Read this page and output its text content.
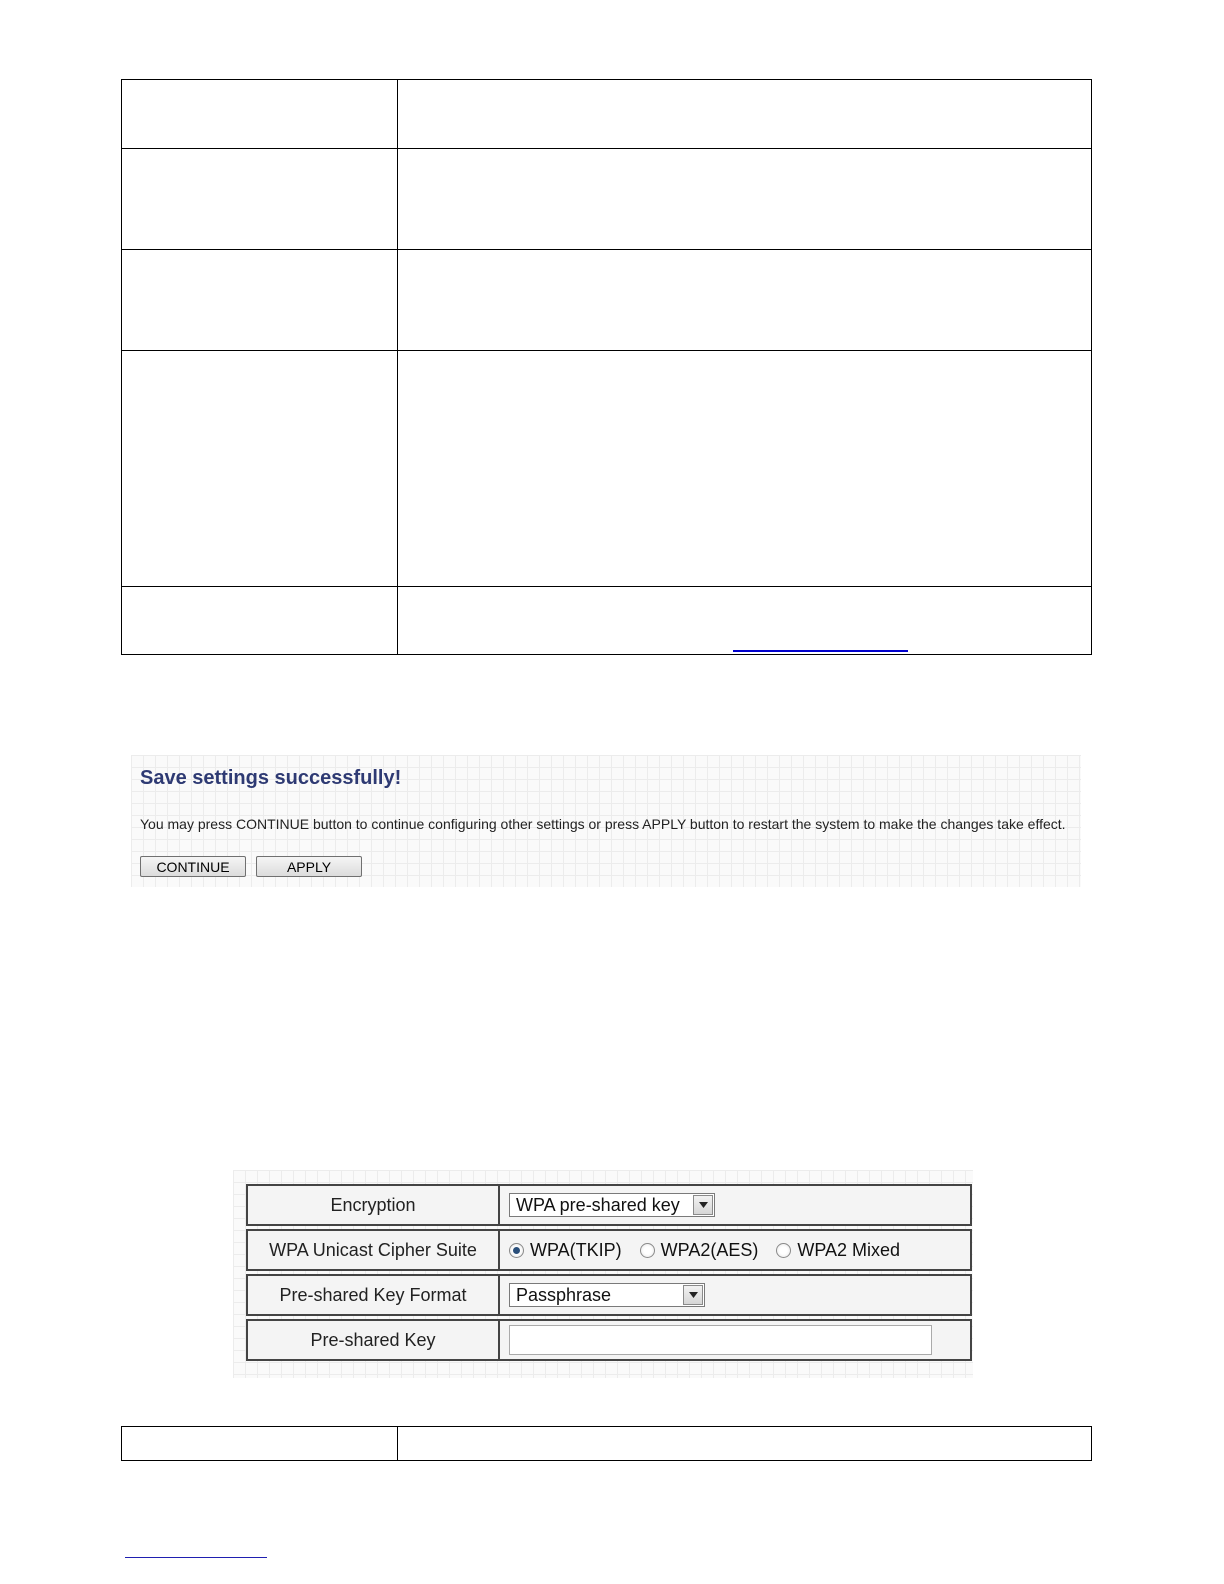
Save settings successfully!
You may press CONTINUE button to continue configuring other settings or press APPLY button to restart the system to make the changes take effect.
CONTINUE	APPLY
Encryption	WPA pre-shared key

WPA Unicast Cipher Suite	WPA(TKIP) WPA2(AES) WPA2 Mixed

Pre-shared Key Format	Passphrase

Pre-shared Key	
